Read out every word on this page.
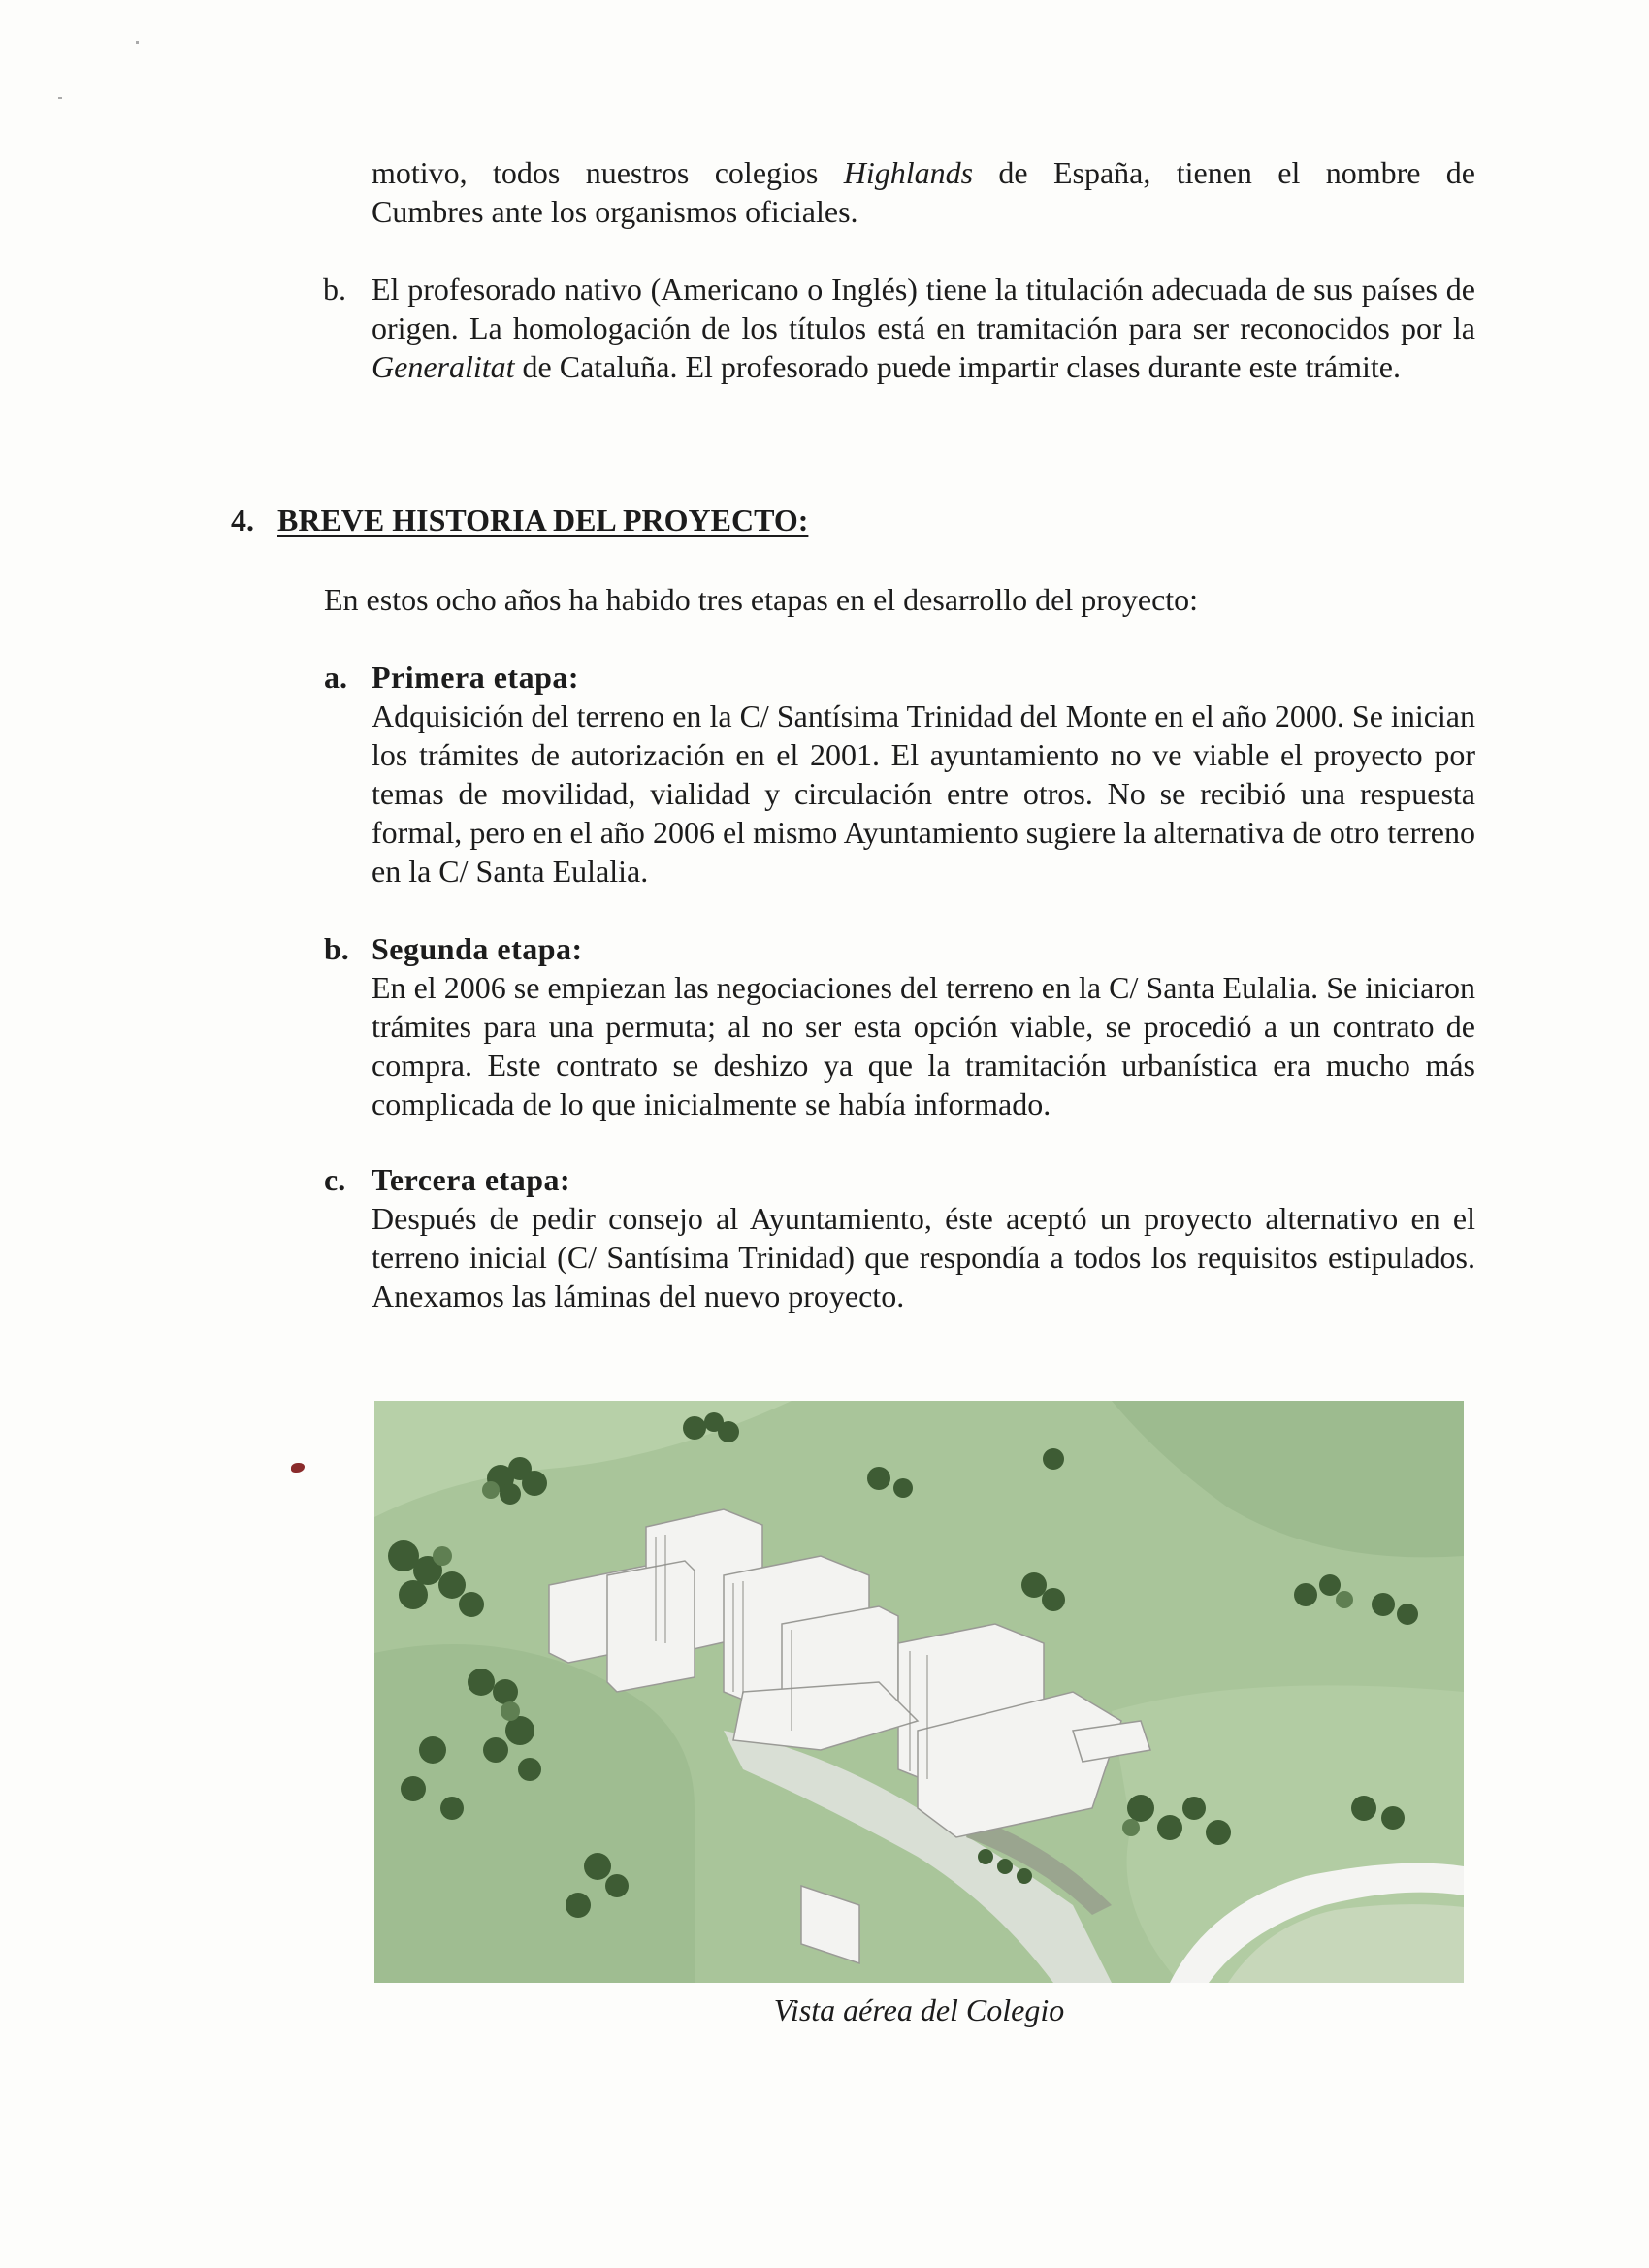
motivo, todos nuestros colegios Highlands de España, tienen el nombre de

Cumbres ante los organismos oficiales.

b. El profesorado nativo (Americano o Inglés) tiene la titulación adecuada de sus países de origen. La homologación de los títulos está en tramitación para ser reconocidos por la Generalitat de Cataluña. El profesorado puede impartir clases durante este trámite.
4. BREVE HISTORIA DEL PROYECTO:
En estos ocho años ha habido tres etapas en el desarrollo del proyecto:
a. Primera etapa:

Adquisición del terreno en la C/ Santísima Trinidad del Monte en el año 2000. Se inician los trámites de autorización en el 2001. El ayuntamiento no ve viable el proyecto por temas de movilidad, vialidad y circulación entre otros. No se recibió una respuesta formal, pero en el año 2006 el mismo Ayuntamiento sugiere la alternativa de otro terreno en la C/ Santa Eulalia.

b. Segunda etapa:

En el 2006 se empiezan las negociaciones del terreno en la C/ Santa Eulalia. Se iniciaron trámites para una permuta; al no ser esta opción viable, se procedió a un contrato de compra. Este contrato se deshizo ya que la tramitación urbanística era mucho más complicada de lo que inicialmente se había informado.

c. Tercera etapa:

Después de pedir consejo al Ayuntamiento, éste aceptó un proyecto alternativo en el terreno inicial (C/ Santísima Trinidad) que respondía a todos los requisitos estipulados. Anexamos las láminas del nuevo proyecto.

Vista aérea del Colegio
